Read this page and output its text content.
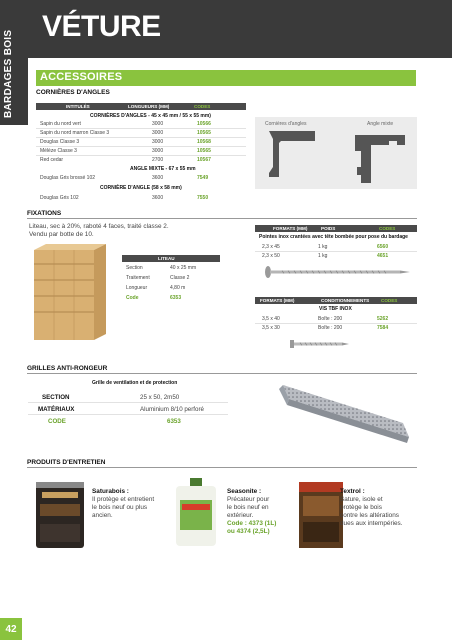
BARDAGES BOIS
42
VÉTURE
ACCESSOIRES
CORNIÈRES D'ANGLES
INTITULÉS	LONGUEURS (MM)	CODES
CORNIÈRES D'ANGLES - 45 x 45 mm / 55 x 55 mm)
Sapin du nord vert	3000	10566
Sapin du nord marron Classe 3	3000	10565
Douglas Classe 3	3000	10568
Mélèze Classe 3	3000	10565
Red cedar	2700	10567
ANGLE MIXTE - 67 x 55 mm
Douglas Gris brossé 102	3600	7549
CORNIÈRE D'ANGLE (58 x 58 mm)
Douglas Gris 102	3600	7550
Cornières d'angles	Angle mixte
FIXATIONS
Liteau, sec à 20%, raboté 4 faces, traité classe 2.
Vendu par botte de 10.
LITEAU
Section	40 x 25 mm
Traitement	Classe 2
Longueur	4,80 m
Code	6353
FORMATS (MM)	POIDS	CODES
Pointes inox crantées avec tête bombée pour pose du bardage
2,3 x 45	1 kg	6560
2,3 x 50	1 kg	4651
FORMATS (MM)	CONDITIONNEMENTS	CODES
VIS TBF INOX
3,5 x 40	Boîte : 200	5262
3,5 x 30	Boîte : 200	7584
GRILLES ANTI-RONGEUR
Grille de ventilation et de protection
SECTION	25 x 50, 2m50
MATÉRIAUX	Aluminium 8/10 perforé
CODE	6353
PRODUITS D'ENTRETIEN
Saturabois :
Il protège et entretient
le bois neuf ou plus
ancien.
Seasonite :
Précateur pour
le bois neuf en
extérieur.
Code : 4373 (1L)
ou 4374 (2,5L)
Textrol :
Sature, isole et
protège le bois
contre les altérations
dues aux intempéries.
